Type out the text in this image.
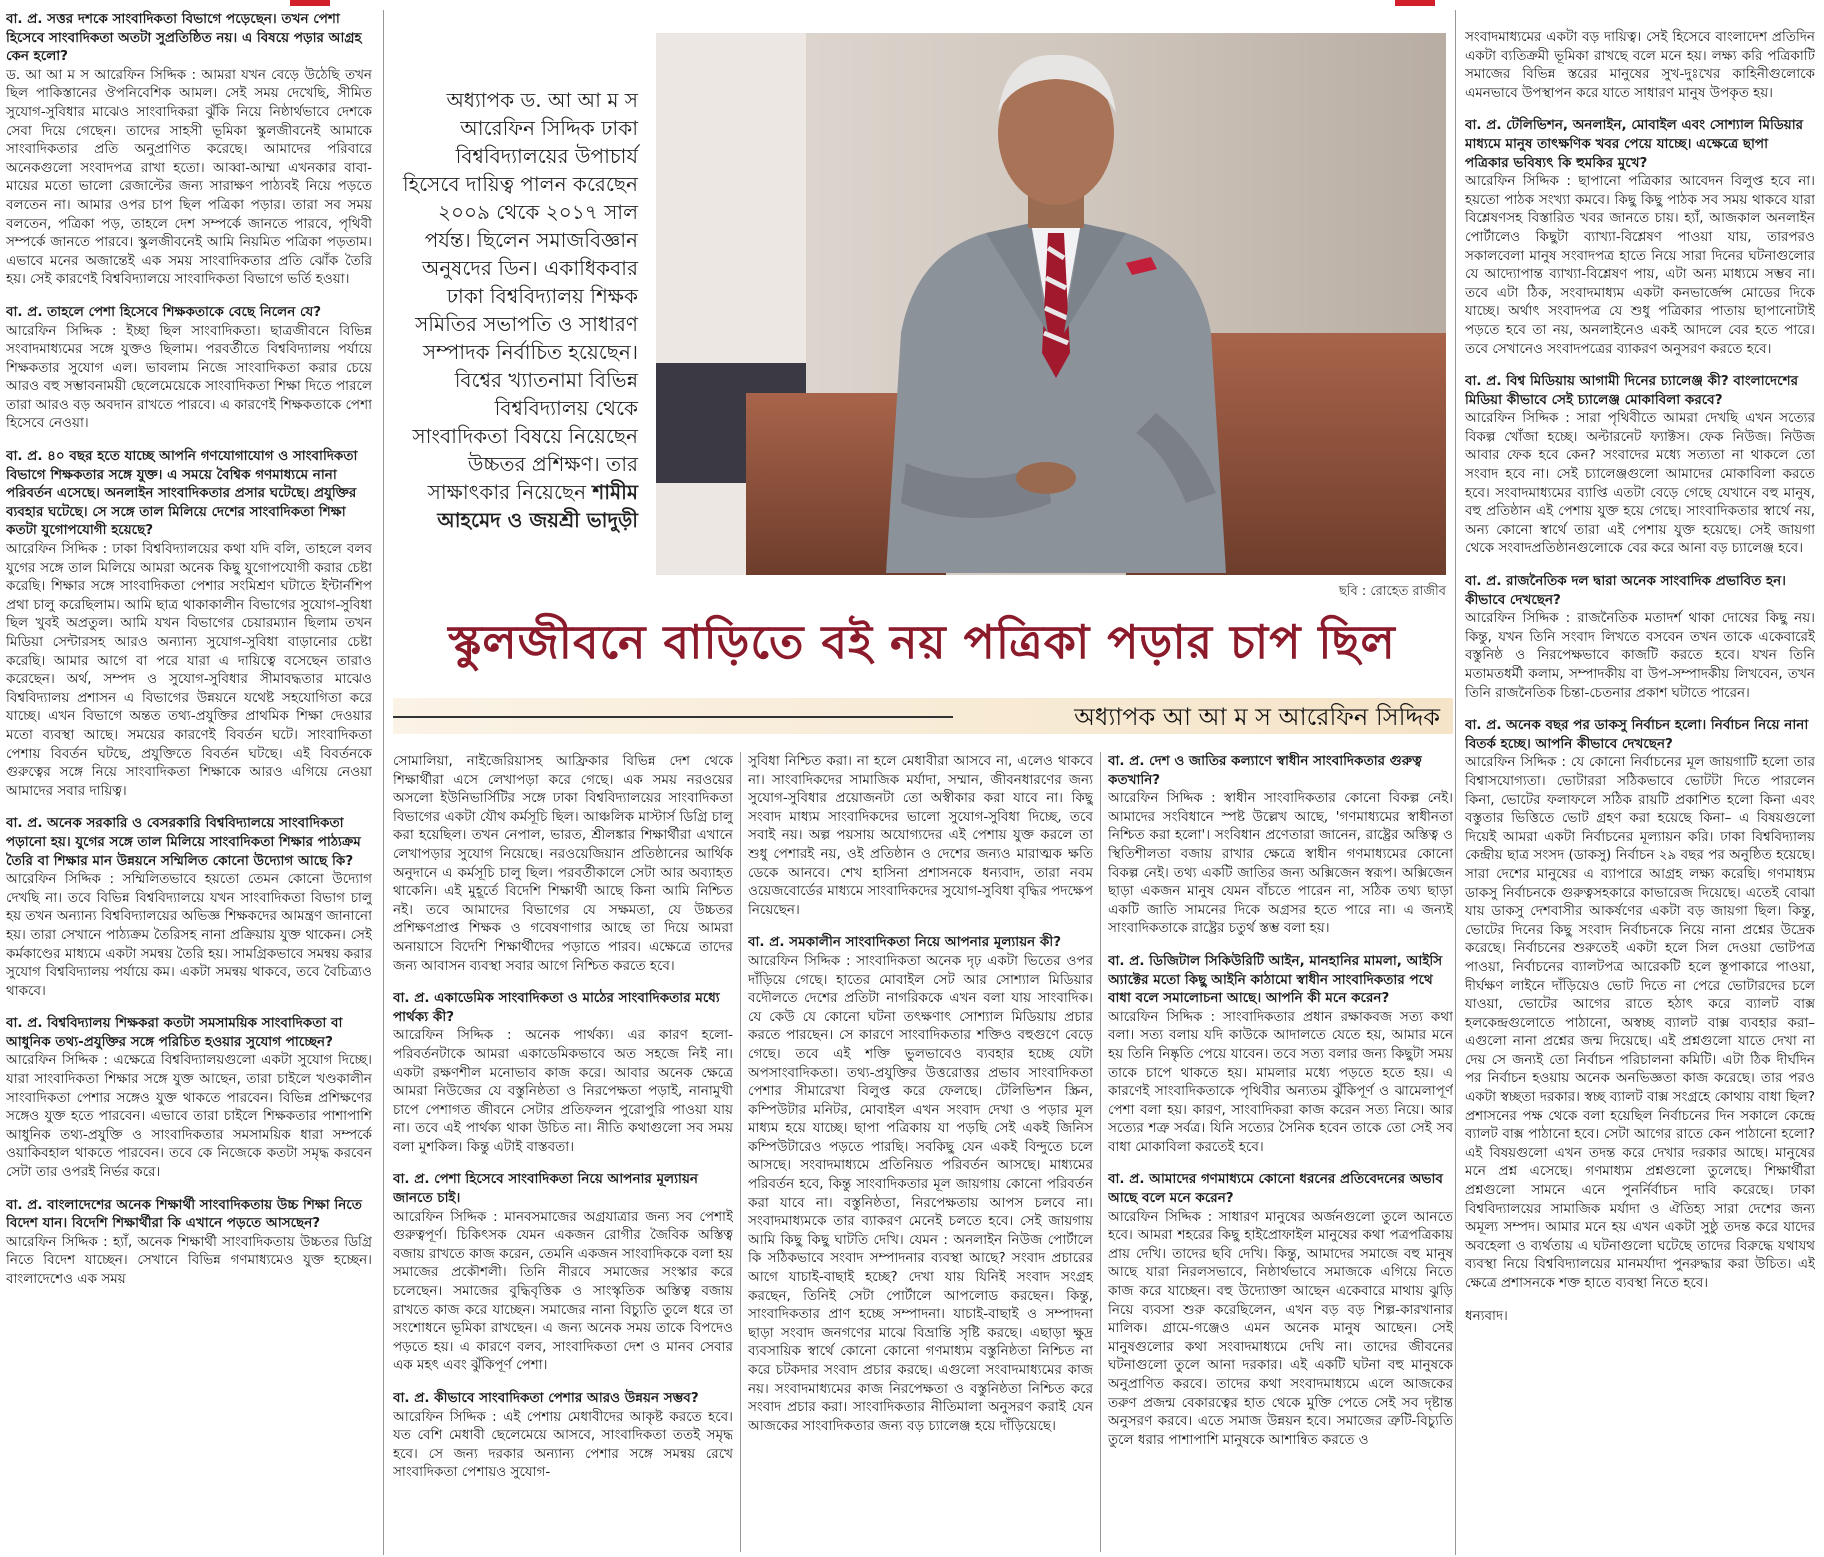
বা. প্র. সত্তর দশকে সাংবাদিকতা বিভাগে পড়েছেন। তখন পেশা হিসেবে সাংবাদিকতা অতটা সুপ্রতিষ্ঠিত নয়। এ বিষয়ে পড়ার আগ্রহ কেন হলো?

ড. আ আ ম স আরেফিন সিদ্দিক : আমরা যখন বেড়ে উঠেছি তখন ছিল পাকিস্তানের ঔপনিবেশিক আমল। সেই সময় দেখেছি, সীমিত সুযোগ-সুবিধার মাঝেও সাংবাদিকরা ঝুঁকি নিয়ে নিষ্ঠার্থভাবে দেশকে সেবা দিয়ে গেছেন। তাদের সাহসী ভূমিকা স্কুলজীবনেই আমাকে সাংবাদিকতার প্রতি অনুপ্রাণিত করেছে। আমাদের পরিবারে অনেকগুলো সংবাদপত্র রাখা হতো। আব্বা-আম্মা এখনকার বাবা-মায়ের মতো ভালো রেজাল্টের জন্য সারাক্ষণ পাঠ্যবই নিয়ে পড়তে বলতেন না। আমার ওপর চাপ ছিল পত্রিকা পড়ার। তারা সব সময় বলতেন, পত্রিকা পড়, তাহলে দেশ সম্পর্কে জানতে পারবে, পৃথিবী সম্পর্কে জানতে পারবে। স্কুলজীবনেই আমি নিয়মিত পত্রিকা পড়তাম। এভাবে মনের অজান্তেই এক সময় সাংবাদিকতার প্রতি ঝোঁক তৈরি হয়। সেই কারণেই বিশ্ববিদ্যালয়ে সাংবাদিকতা বিভাগে ভর্তি হওয়া।

বা. প্র. তাহলে পেশা হিসেবে শিক্ষকতাকে বেছে নিলেন যে?

আরেফিন সিদ্দিক : ইচ্ছা ছিল সাংবাদিকতা। ছাত্রজীবনে বিভিন্ন সংবাদমাধ্যমের সঙ্গে যুক্তও ছিলাম। পরবর্তীতে বিশ্ববিদ্যালয় পর্যায়ে শিক্ষকতার সুযোগ এল। ভাবলাম নিজে সাংবাদিকতা করার চেয়ে আরও বহু সম্ভাবনাময়ী ছেলেমেয়েকে সাংবাদিকতা শিক্ষা দিতে পারলে তারা আরও বড় অবদান রাখতে পারবে। এ কারণেই শিক্ষকতাকে পেশা হিসেবে নেওয়া।

বা. প্র. ৪০ বছর হতে যাচ্ছে আপনি গণযোগাযোগ ও সাংবাদিকতা বিভাগে শিক্ষকতার সঙ্গে যুক্ত। এ সময়ে বৈশ্বিক গণমাধ্যমে নানা পরিবর্তন এসেছে। অনলাইন সাংবাদিকতার প্রসার ঘটেছে। প্রযুক্তির ব্যবহার ঘটেছে। সে সঙ্গে তাল মিলিয়ে দেশের সাংবাদিকতা শিক্ষা কতটা যুগোপযোগী হয়েছে?

আরেফিন সিদ্দিক : ঢাকা বিশ্ববিদ্যালয়ের কথা যদি বলি, তাহলে বলব যুগের সঙ্গে তাল মিলিয়ে আমরা অনেক কিছু যুগোপযোগী করার চেষ্টা করেছি। শিক্ষার সঙ্গে সাংবাদিকতা পেশার সংমিশ্রণ ঘটাতে ইন্টার্নশিপ প্রথা চালু করেছিলাম। আমি ছাত্র থাকাকালীন বিভাগের সুযোগ-সুবিধা ছিল খুবই অপ্রতুল। আমি যখন বিভাগের চেয়ারম্যান ছিলাম তখন মিডিয়া সেন্টারসহ আরও অন্যান্য সুযোগ-সুবিধা বাড়ানোর চেষ্টা করেছি। আমার আগে বা পরে যারা এ দায়িত্বে বসেছেন তারাও করেছেন। অর্থ, সম্পদ ও সুযোগ-সুবিধার সীমাবদ্ধতার মাঝেও বিশ্ববিদ্যালয় প্রশাসন এ বিভাগের উন্নয়নে যথেষ্ট সহযোগিতা করে যাচ্ছে। এখন বিভাগে অন্তত তথ্য-প্রযুক্তির প্রাথমিক শিক্ষা দেওয়ার মতো ব্যবস্থা আছে। সময়ের কারণেই বিবর্তন ঘটে। সাংবাদিকতা পেশায় বিবর্তন ঘটছে, প্রযুক্তিতে বিবর্তন ঘটছে। এই বিবর্তনকে গুরুত্বের সঙ্গে নিয়ে সাংবাদিকতা শিক্ষাকে আরও এগিয়ে নেওয়া আমাদের সবার দায়িত্ব।

বা. প্র. অনেক সরকারি ও বেসরকারি বিশ্ববিদ্যালয়ে সাংবাদিকতা পড়ানো হয়। যুগের সঙ্গে তাল মিলিয়ে সাংবাদিকতা শিক্ষার পাঠ্যক্রম তৈরি বা শিক্ষার মান উন্নয়নে সম্মিলিত কোনো উদ্যোগ আছে কি?

আরেফিন সিদ্দিক : সম্মিলিতভাবে হয়তো তেমন কোনো উদ্যোগ দেখছি না। তবে বিভিন্ন বিশ্ববিদ্যালয়ে যখন সাংবাদিকতা বিভাগ চালু হয় তখন অন্যান্য বিশ্ববিদ্যালয়ের অভিজ্ঞ শিক্ষকদের আমন্ত্রণ জানানো হয়। তারা সেখানে পাঠ্যক্রম তৈরিসহ নানা প্রক্রিয়ায় যুক্ত থাকেন। সেই কর্মকাণ্ডের মাধ্যমে একটা সমন্বয় তৈরি হয়। সামগ্রিকভাবে সমন্বয় করার সুযোগ বিশ্ববিদ্যালয় পর্যায়ে কম। একটা সমন্বয় থাকবে, তবে বৈচিত্র্যও থাকবে।

বা. প্র. বিশ্ববিদ্যালয় শিক্ষকরা কতটা সমসাময়িক সাংবাদিকতা বা আধুনিক তথ্য-প্রযুক্তির সঙ্গে পরিচিত হওয়ার সুযোগ পাচ্ছেন?

আরেফিন সিদ্দিক : এক্ষেত্রে বিশ্ববিদ্যালয়গুলো একটা সুযোগ দিচ্ছে। যারা সাংবাদিকতা শিক্ষার সঙ্গে যুক্ত আছেন, তারা চাইলে খণ্ডকালীন সাংবাদিকতা পেশার সঙ্গেও যুক্ত থাকতে পারবেন। বিভিন্ন প্রশিক্ষণের সঙ্গেও যুক্ত হতে পারবেন। এভাবে তারা চাইলে শিক্ষকতার পাশাপাশি আধুনিক তথ্য-প্রযুক্তি ও সাংবাদিকতার সমসাময়িক ধারা সম্পর্কে ওয়াকিবহাল থাকতে পারবেন। তবে কে নিজেকে কতটা সমৃদ্ধ করবেন সেটা তার ওপরই নির্ভর করে।

বা. প্র. বাংলাদেশের অনেক শিক্ষার্থী সাংবাদিকতায় উচ্চ শিক্ষা নিতে বিদেশ যান। বিদেশি শিক্ষার্থীরা কি এখানে পড়তে আসছেন?

আরেফিন সিদ্দিক : হ্যাঁ, অনেক শিক্ষার্থী সাংবাদিকতায় উচ্চতর ডিগ্রি নিতে বিদেশ যাচ্ছেন। সেখানে বিভিন্ন গণমাধ্যমেও যুক্ত হচ্ছেন। বাংলাদেশেও এক সময়

অধ্যাপক ড. আ আ ম স আরেফিন সিদ্দিক ঢাকা বিশ্ববিদ্যালয়ের উপাচার্য হিসেবে দায়িত্ব পালন করেছেন ২০০৯ থেকে ২০১৭ সাল পর্যন্ত। ছিলেন সমাজবিজ্ঞান অনুষদের ডিন। একাধিকবার ঢাকা বিশ্ববিদ্যালয় শিক্ষক সমিতির সভাপতি ও সাধারণ সম্পাদক নির্বাচিত হয়েছেন। বিশ্বের খ্যাতনামা বিভিন্ন বিশ্ববিদ্যালয় থেকে সাংবাদিকতা বিষয়ে নিয়েছেন উচ্চতর প্রশিক্ষণ। তার সাক্ষাৎকার নিয়েছেন শামীম আহমেদ ও জয়শ্রী ভাদুড়ী
ছবি : রোহেত রাজীব
স্কুলজীবনে বাড়িতে বই নয় পত্রিকা পড়ার চাপ ছিল
অধ্যাপক আ আ ম স আরেফিন সিদ্দিক

সোমালিয়া, নাইজেরিয়াসহ আফ্রিকার বিভিন্ন দেশ থেকে শিক্ষার্থীরা এসে লেখাপড়া করে গেছে। এক সময় নরওয়ের অসলো ইউনিভার্সিটির সঙ্গে ঢাকা বিশ্ববিদ্যালয়ের সাংবাদিকতা বিভাগের একটা যৌথ কর্মসূচি ছিল। আঞ্চলিক মাস্টার্স ডিগ্রি চালু করা হয়েছিল। তখন নেপাল, ভারত, শ্রীলঙ্কার শিক্ষার্থীরা এখানে লেখাপড়ার সুযোগ নিয়েছে। নরওয়েজিয়ান প্রতিষ্ঠানের আর্থিক অনুদানে এ কর্মসূচি চালু ছিল। পরবর্তীকালে সেটা আর অব্যাহত থাকেনি। এই মুহূর্তে বিদেশি শিক্ষার্থী আছে কিনা আমি নিশ্চিত নই। তবে আমাদের বিভাগের যে সক্ষমতা, যে উচ্চতর প্রশিক্ষণপ্রাপ্ত শিক্ষক ও গবেষণাগার আছে তা দিয়ে আমরা অনায়াসে বিদেশি শিক্ষার্থীদের পড়াতে পারব। এক্ষেত্রে তাদের জন্য আবাসন ব্যবস্থা সবার আগে নিশ্চিত করতে হবে।

বা. প্র. একাডেমিক সাংবাদিকতা ও মাঠের সাংবাদিকতার মধ্যে পার্থক্য কী?

আরেফিন সিদ্দিক : অনেক পার্থক্য। এর কারণ হলো-পরিবর্তনটাকে আমরা একাডেমিকভাবে অত সহজে নিই না। একটা রক্ষণশীল মনোভাব কাজ করে। আবার অনেক ক্ষেত্রে আমরা নিউজের যে বস্তুনিষ্ঠতা ও নিরপেক্ষতা পড়াই, নানামুখী চাপে পেশাগত জীবনে সেটার প্রতিফলন পুরোপুরি পাওয়া যায় না। তবে এই পার্থক্য থাকা উচিত না। নীতি কথাগুলো সব সময় বলা মুশকিল। কিন্তু এটাই বাস্তবতা।

বা. প্র. পেশা হিসেবে সাংবাদিকতা নিয়ে আপনার মূল্যায়ন জানতে চাই।

আরেফিন সিদ্দিক : মানবসমাজের অগ্রযাত্রার জন্য সব পেশাই গুরুত্বপূর্ণ। চিকিৎসক যেমন একজন রোগীর জৈবিক অস্তিত্ব বজায় রাখতে কাজ করেন, তেমনি একজন সাংবাদিককে বলা হয় সমাজের প্রকৌশলী। তিনি নীরবে সমাজের সংস্কার করে চলেছেন। সমাজের বুদ্ধিবৃত্তিক ও সাংস্কৃতিক অস্তিত্ব বজায় রাখতে কাজ করে যাচ্ছেন। সমাজের নানা বিচ্যুতি তুলে ধরে তা সংশোধনে ভূমিকা রাখছেন। এ জন্য অনেক সময় তাকে বিপদেও পড়তে হয়। এ কারণে বলব, সাংবাদিকতা দেশ ও মানব সেবার এক মহৎ এবং ঝুঁকিপূর্ণ পেশা।

বা. প্র. কীভাবে সাংবাদিকতা পেশার আরও উন্নয়ন সম্ভব?

আরেফিন সিদ্দিক : এই পেশায় মেধাবীদের আকৃষ্ট করতে হবে। যত বেশি মেধাবী ছেলেমেয়ে আসবে, সাংবাদিকতা ততই সমৃদ্ধ হবে। সে জন্য দরকার অন্যান্য পেশার সঙ্গে সমন্বয় রেখে সাংবাদিকতা পেশায়ও সুযোগ-

সুবিধা নিশ্চিত করা। না হলে মেধাবীরা আসবে না, এলেও থাকবে না। সাংবাদিকদের সামাজিক মর্যাদা, সম্মান, জীবনধারণের জন্য সুযোগ-সুবিধার প্রয়োজনটা তো অস্বীকার করা যাবে না। কিছু সংবাদ মাধ্যম সাংবাদিকদের ভালো সুযোগ-সুবিধা দিচ্ছে, তবে সবাই নয়। অল্প পয়সায় অযোগ্যদের এই পেশায় যুক্ত করলে তা শুধু পেশারই নয়, ওই প্রতিষ্ঠান ও দেশের জন্যও মারাত্মক ক্ষতি ডেকে আনবে। শেখ হাসিনা প্রশাসনকে ধন্যবাদ, তারা নবম ওয়েজবোর্ডের মাধ্যমে সাংবাদিকদের সুযোগ-সুবিধা বৃদ্ধির পদক্ষেপ নিয়েছেন।

বা. প্র. সমকালীন সাংবাদিকতা নিয়ে আপনার মূল্যায়ন কী?

আরেফিন সিদ্দিক : সাংবাদিকতা অনেক দৃঢ় একটা ভিতের ওপর দাঁড়িয়ে গেছে। হাতের মোবাইল সেট আর সোশ্যাল মিডিয়ার বদৌলতে দেশের প্রতিটা নাগরিককে এখন বলা যায় সাংবাদিক। যে কেউ যে কোনো ঘটনা তৎক্ষণাৎ সোশ্যাল মিডিয়ায় প্রচার করতে পারছেন। সে কারণে সাংবাদিকতার শক্তিও বহুগুণে বেড়ে গেছে। তবে এই শক্তি ভুলভাবেও ব্যবহার হচ্ছে যেটা অপসাংবাদিকতা। তথ্য-প্রযুক্তির উত্তরোত্তর প্রভাব সাংবাদিকতা পেশার সীমারেখা বিলুপ্ত করে ফেলছে। টেলিভিশন স্ক্রিন, কম্পিউটার মনিটর, মোবাইল এখন সংবাদ দেখা ও পড়ার মূল মাধ্যম হয়ে যাচ্ছে। ছাপা পত্রিকায় যা পড়ছি সেই একই জিনিস কম্পিউটারেও পড়তে পারছি। সবকিছু যেন একই বিন্দুতে চলে আসছে। সংবাদমাধ্যমে প্রতিনিয়ত পরিবর্তন আসছে। মাধ্যমের পরিবর্তন হবে, কিন্তু সাংবাদিকতার মূল জায়গায় কোনো পরিবর্তন করা যাবে না। বস্তুনিষ্ঠতা, নিরপেক্ষতায় আপস চলবে না। সংবাদমাধ্যমকে তার ব্যাকরণ মেনেই চলতে হবে। সেই জায়গায় আমি কিছু কিছু ঘাটতি দেখি। যেমন : অনলাইন নিউজ পোর্টালে কি সঠিকভাবে সংবাদ সম্পাদনার ব্যবস্থা আছে? সংবাদ প্রচারের আগে যাচাই-বাছাই হচ্ছে? দেখা যায় যিনিই সংবাদ সংগ্রহ করছেন, তিনিই সেটা পোর্টালে আপলোড করছেন। কিন্তু, সাংবাদিকতার প্রাণ হচ্ছে সম্পাদনা। যাচাই-বাছাই ও সম্পাদনা ছাড়া সংবাদ জনগণের মাঝে বিভ্রান্তি সৃষ্টি করছে। এছাড়া ক্ষুদ্র ব্যবসায়িক স্বার্থে কোনো কোনো গণমাধ্যম বস্তুনিষ্ঠতা নিশ্চিত না করে চটকদার সংবাদ প্রচার করছে। এগুলো সংবাদমাধ্যমের কাজ নয়। সংবাদমাধ্যমের কাজ নিরপেক্ষতা ও বস্তুনিষ্ঠতা নিশ্চিত করে সংবাদ প্রচার করা। সাংবাদিকতার নীতিমালা অনুসরণ করাই যেন আজকের সাংবাদিকতার জন্য বড় চ্যালেঞ্জ হয়ে দাঁড়িয়েছে।

বা. প্র. দেশ ও জাতির কল্যাণে স্বাধীন সাংবাদিকতার গুরুত্ব কতখানি?

আরেফিন সিদ্দিক : স্বাধীন সাংবাদিকতার কোনো বিকল্প নেই। আমাদের সংবিধানে স্পষ্ট উল্লেখ আছে, 'গণমাধ্যমের স্বাধীনতা নিশ্চিত করা হলো'। সংবিধান প্রণেতারা জানেন, রাষ্ট্রের অস্তিত্ব ও স্থিতিশীলতা বজায় রাখার ক্ষেত্রে স্বাধীন গণমাধ্যমের কোনো বিকল্প নেই। তথ্য একটি জাতির জন্য অক্সিজেন স্বরূপ। অক্সিজেন ছাড়া একজন মানুষ যেমন বাঁচতে পারেন না, সঠিক তথ্য ছাড়া একটি জাতি সামনের দিকে অগ্রসর হতে পারে না। এ জন্যই সাংবাদিকতাকে রাষ্ট্রের চতুর্থ স্তম্ভ বলা হয়।

বা. প্র. ডিজিটাল সিকিউরিটি আইন, মানহানির মামলা, আইসি অ্যাক্টের মতো কিছু আইনি কাঠামো স্বাধীন সাংবাদিকতার পথে বাধা বলে সমালোচনা আছে। আপনি কী মনে করেন?

আরেফিন সিদ্দিক : সাংবাদিকতার প্রধান রক্ষাকবজ সত্য কথা বলা। সত্য বলায় যদি কাউকে আদালতে যেতে হয়, আমার মনে হয় তিনি নিষ্কৃতি পেয়ে যাবেন। তবে সত্য বলার জন্য কিছুটা সময় তাকে চাপে থাকতে হয়। মামলার মধ্যে পড়তে হতে হয়। এ কারণেই সাংবাদিকতাকে পৃথিবীর অন্যতম ঝুঁকিপূর্ণ ও ঝামেলাপূর্ণ পেশা বলা হয়। কারণ, সাংবাদিকরা কাজ করেন সত্য নিয়ে। আর সত্যের শত্রু সর্বত্র। যিনি সত্যের সৈনিক হবেন তাকে তো সেই সব বাধা মোকাবিলা করতেই হবে।

বা. প্র. আমাদের গণমাধ্যমে কোনো ধরনের প্রতিবেদনের অভাব আছে বলে মনে করেন?

আরেফিন সিদ্দিক : সাধারণ মানুষের অর্জনগুলো তুলে আনতে হবে। আমরা শহরের কিছু হাইপ্রোফাইল মানুষের কথা পত্রপত্রিকায় প্রায় দেখি। তাদের ছবি দেখি। কিন্তু, আমাদের সমাজে বহু মানুষ আছে যারা নিরলসভাবে, নিষ্ঠার্থভাবে সমাজকে এগিয়ে নিতে কাজ করে যাচ্ছেন। বহু উদ্যোক্তা আছেন একেবারে মাথায় ঝুড়ি নিয়ে ব্যবসা শুরু করেছিলেন, এখন বড় বড় শিল্প-কারখানার মালিক। গ্রামে-গঞ্জেও এমন অনেক মানুষ আছেন। সেই মানুষগুলোর কথা সংবাদমাধ্যমে দেখি না। তাদের জীবনের ঘটনাগুলো তুলে আনা দরকার। এই একটি ঘটনা বহু মানুষকে অনুপ্রাণিত করবে। তাদের কথা সংবাদমাধ্যমে এলে আজকের তরুণ প্রজন্ম বেকারত্বের হাত থেকে মুক্তি পেতে সেই সব দৃষ্টান্ত অনুসরণ করবে। এতে সমাজ উন্নয়ন হবে। সমাজের ত্রুটি-বিচ্যুতি তুলে ধরার পাশাপাশি মানুষকে আশান্বিত করতে ও

সংবাদমাধ্যমের একটা বড় দায়িত্ব। সেই হিসেবে বাংলাদেশ প্রতিদিন একটা ব্যতিক্রমী ভূমিকা রাখছে বলে মনে হয়। লক্ষ্য করি পত্রিকাটি সমাজের বিভিন্ন স্তরের মানুষের সুখ-দুঃখের কাহিনীগুলোকে এমনভাবে উপস্থাপন করে যাতে সাধারণ মানুষ উপকৃত হয়।

বা. প্র. টেলিভিশন, অনলাইন, মোবাইল এবং সোশ্যাল মিডিয়ার মাধ্যমে মানুষ তাৎক্ষণিক খবর পেয়ে যাচ্ছে। এক্ষেত্রে ছাপা পত্রিকার ভবিষ্যৎ কি হুমকির মুখে?

আরেফিন সিদ্দিক : ছাপানো পত্রিকার আবেদন বিলুপ্ত হবে না। হয়তো পাঠক সংখ্যা কমবে। কিছু কিছু পাঠক সব সময় থাকবে যারা বিশ্লেষণসহ বিস্তারিত খবর জানতে চায়। হ্যাঁ, আজকাল অনলাইন পোর্টালেও কিছুটা ব্যাখ্যা-বিশ্লেষণ পাওয়া যায়, তারপরও সকালবেলা মানুষ সংবাদপত্র হাতে নিয়ে সারা দিনের ঘটনাগুলোর যে আদ্যোপান্ত ব্যাখ্যা-বিশ্লেষণ পায়, এটা অন্য মাধ্যমে সম্ভব না। তবে এটা ঠিক, সংবাদমাধ্যম একটা কনভার্জেন্স মোডের দিকে যাচ্ছে। অর্থাৎ সংবাদপত্র যে শুধু পত্রিকার পাতায় ছাপানোটাই পড়তে হবে তা নয়, অনলাইনেও একই আদলে বের হতে পারে। তবে সেখানেও সংবাদপত্রের ব্যাকরণ অনুসরণ করতে হবে।

বা. প্র. বিশ্ব মিডিয়ায় আগামী দিনের চ্যালেঞ্জ কী? বাংলাদেশের মিডিয়া কীভাবে সেই চ্যালেঞ্জ মোকাবিলা করবে?

আরেফিন সিদ্দিক : সারা পৃথিবীতে আমরা দেখছি এখন সত্যের বিকল্প খোঁজা হচ্ছে। অল্টারনেট ফ্যাক্টস। ফেক নিউজ। নিউজ আবার ফেক হবে কেন? সংবাদের মধ্যে সত্যতা না থাকলে তো সংবাদ হবে না। সেই চ্যালেঞ্জগুলো আমাদের মোকাবিলা করতে হবে। সংবাদমাধ্যমের ব্যাপ্তি এতটা বেড়ে গেছে যেখানে বহু মানুষ, বহু প্রতিষ্ঠান এই পেশায় যুক্ত হয়ে গেছে। সাংবাদিকতার স্বার্থে নয়, অন্য কোনো স্বার্থে তারা এই পেশায় যুক্ত হয়েছে। সেই জায়গা থেকে সংবাদপ্রতিষ্ঠানগুলোকে বের করে আনা বড় চ্যালেঞ্জ হবে।

বা. প্র. রাজনৈতিক দল দ্বারা অনেক সাংবাদিক প্রভাবিত হন। কীভাবে দেখছেন?

আরেফিন সিদ্দিক : রাজনৈতিক মতাদর্শ থাকা দোষের কিছু নয়। কিন্তু, যখন তিনি সংবাদ লিখতে বসবেন তখন তাকে একেবারেই বস্তুনিষ্ঠ ও নিরপেক্ষভাবে কাজটি করতে হবে। যখন তিনি মতামতধর্মী কলাম, সম্পাদকীয় বা উপ-সম্পাদকীয় লিখবেন, তখন তিনি রাজনৈতিক চিন্তা-চেতনার প্রকাশ ঘটাতে পারেন।

বা. প্র. অনেক বছর পর ডাকসু নির্বাচন হলো। নির্বাচন নিয়ে নানা বিতর্ক হচ্ছে। আপনি কীভাবে দেখছেন?

আরেফিন সিদ্দিক : যে কোনো নির্বাচনের মূল জায়গাটি হলো তার বিশ্বাসযোগ্যতা। ভোটাররা সঠিকভাবে ভোটটা দিতে পারলেন কিনা, ভোটের ফলাফলে সঠিক রায়টি প্রকাশিত হলো কিনা এবং বস্তুতার ভিত্তিতে ভোট গ্রহণ করা হয়েছে কিনা– এ বিষয়গুলো দিয়েই আমরা একটা নির্বাচনের মূল্যায়ন করি। ঢাকা বিশ্ববিদ্যালয় কেন্দ্রীয় ছাত্র সংসদ (ডাকসু) নির্বাচন ২৯ বছর পর অনুষ্ঠিত হয়েছে। সারা দেশের মানুষের এ ব্যাপারে আগ্রহ লক্ষ্য করেছি। গণমাধ্যম ডাকসু নির্বাচনকে গুরুত্বসহকারে কাভারেজ দিয়েছে। এতেই বোঝা যায় ডাকসু দেশবাসীর আকর্ষণের একটা বড় জায়গা ছিল। কিন্তু, ভোটের দিনের কিছু সংবাদ নির্বাচনকে নিয়ে নানা প্রশ্নের উদ্রেক করেছে। নির্বাচনের শুরুতেই একটা হলে সিল দেওয়া ভোটপত্র পাওয়া, নির্বাচনের ব্যালটপত্র আরেকটি হলে স্তূপাকারে পাওয়া, দীর্ঘক্ষণ লাইনে দাঁড়িয়েও ভোট দিতে না পেরে ভোটারদের চলে যাওয়া, ভোটের আগের রাতে হঠাৎ করে ব্যালট বাক্স হলকেন্দ্রগুলোতে পাঠানো, অস্বচ্ছ ব্যালট বাক্স ব্যবহার করা– এগুলো নানা প্রশ্নের জন্ম দিয়েছে। এই প্রশ্নগুলো যাতে দেখা না দেয় সে জন্যই তো নির্বাচন পরিচালনা কমিটি। এটা ঠিক দীর্ঘদিন পর নির্বাচন হওয়ায় অনেক অনভিজ্ঞতা কাজ করেছে। তার পরও একটা স্বচ্ছতা দরকার। স্বচ্ছ ব্যালট বাক্স সংগ্রহে কোথায় বাধা ছিল? প্রশাসনের পক্ষ থেকে বলা হয়েছিল নির্বাচনের দিন সকালে কেন্দ্রে ব্যালট বাক্স পাঠানো হবে। সেটা আগের রাতে কেন পাঠানো হলো? এই বিষয়গুলো এখন তদন্ত করে দেখার দরকার আছে। মানুষের মনে প্রশ্ন এসেছে। গণমাধ্যম প্রশ্নগুলো তুলেছে। শিক্ষার্থীরা প্রশ্নগুলো সামনে এনে পুনর্নির্বাচন দাবি করেছে। ঢাকা বিশ্ববিদ্যালয়ের সামাজিক মর্যাদা ও ঐতিহ্য সারা দেশের জন্য অমূল্য সম্পদ। আমার মনে হয় এখন একটা সুষ্ঠু তদন্ত করে যাদের অবহেলা ও ব্যর্থতায় এ ঘটনাগুলো ঘটেছে তাদের বিরুদ্ধে যথাযথ ব্যবস্থা নিয়ে বিশ্ববিদ্যালয়ের মানমর্যাদা পুনরুদ্ধার করা উচিত। এই ক্ষেত্রে প্রশাসনকে শক্ত হাতে ব্যবস্থা নিতে হবে।

ধন্যবাদ।
